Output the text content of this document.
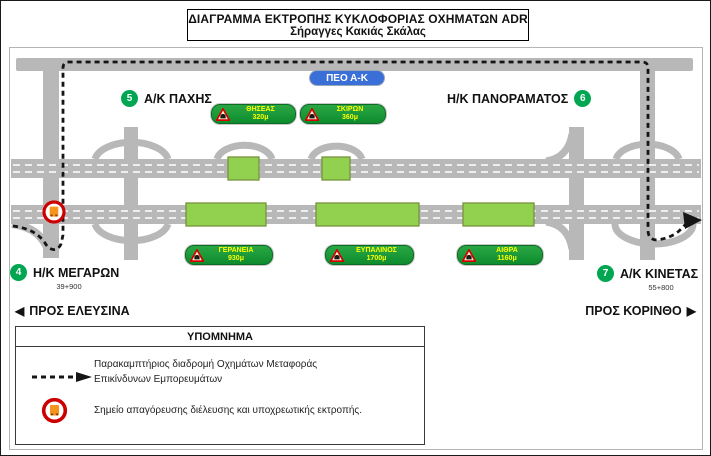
ΔΙΑΓΡΑΜΜΑ ΕΚΤΡΟΠΗΣ ΚΥΚΛΟΦΟΡΙΑΣ ΟΧΗΜΑΤΩΝ ADR
Σήραγγες Κακιάς Σκάλας
ΠΕΟ Α-Κ
ΘΗΣΕΑΣ
320μ
ΣΚΙΡΩΝ
360μ
ΓΕΡΑΝΕΙΑ
930μ
ΕΥΠΑΛΙΝΟΣ
1700μ
ΑΙΘΡΑ
1160μ
5 Α/Κ ΠΑΧΗΣ	Η/Κ ΠΑΝΟΡΑΜΑΤΟΣ	6
4 Η/Κ ΜΕΓΑΡΩΝ
39+900
7 Α/Κ ΚΙΝΕΤΑΣ
55+800
◀ ΠΡΟΣ ΕΛΕΥΣΙΝΑ	ΠΡΟΣ ΚΟΡΙΝΘΟ ▶
ΥΠΟΜΝΗΜΑ
Παρακαμπτήριος διαδρομή Οχημάτων Μεταφοράς
Επικίνδυνων Εμπορευμάτων
Σημείο απαγόρευσης διέλευσης και υποχρεωτικής εκτροπής.
